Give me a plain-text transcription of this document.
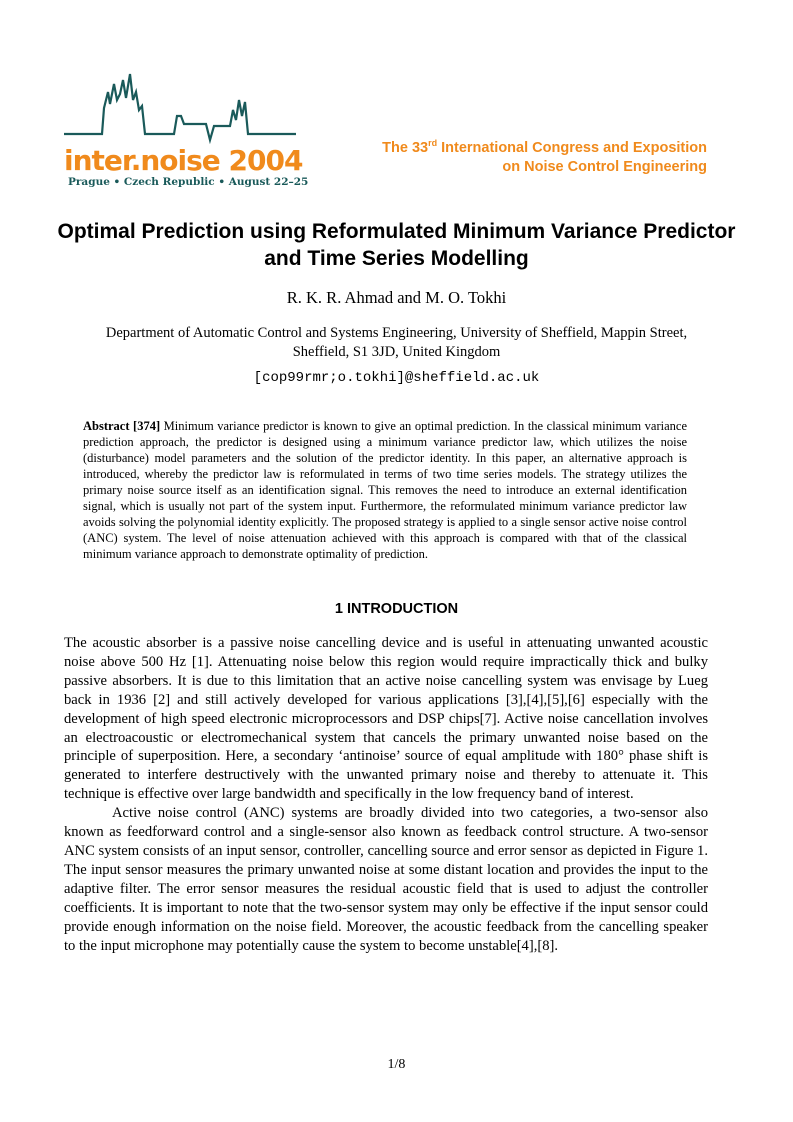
inter.noise 2004
Prague • Czech Republic • August 22–25
The 33rd International Congress and Exposition
on Noise Control Engineering
Optimal Prediction using Reformulated Minimum Variance Predictor and Time Series Modelling
R. K. R. Ahmad and M. O. Tokhi
Department of Automatic Control and Systems Engineering, University of Sheffield, Mappin Street, Sheffield, S1 3JD, United Kingdom
[cop99rmr;o.tokhi]@sheffield.ac.uk

Abstract [374] Minimum variance predictor is known to give an optimal prediction. In the classical minimum variance prediction approach, the predictor is designed using a minimum variance predictor law, which utilizes the noise (disturbance) model parameters and the solution of the predictor identity. In this paper, an alternative approach is introduced, whereby the predictor law is reformulated in terms of two time series models. The strategy utilizes the primary noise source itself as an identification signal. This removes the need to introduce an external identification signal, which is usually not part of the system input. Furthermore, the reformulated minimum variance predictor law avoids solving the polynomial identity explicitly. The proposed strategy is applied to a single sensor active noise control (ANC) system. The level of noise attenuation achieved with this approach is compared with that of the classical minimum variance approach to demonstrate optimality of prediction.

1 INTRODUCTION

The acoustic absorber is a passive noise cancelling device and is useful in attenuating unwanted acoustic noise above 500 Hz [1]. Attenuating noise below this region would require impractically thick and bulky passive absorbers. It is due to this limitation that an active noise cancelling system was envisage by Lueg back in 1936 [2] and still actively developed for various applications [3],[4],[5],[6] especially with the development of high speed electronic microprocessors and DSP chips[7]. Active noise cancellation involves an electroacoustic or electromechanical system that cancels the primary unwanted noise based on the principle of superposition. Here, a secondary ‘antinoise’ source of equal amplitude with 180° phase shift is generated to interfere destructively with the unwanted primary noise and thereby to attenuate it. This technique is effective over large bandwidth and specifically in the low frequency band of interest.

Active noise control (ANC) systems are broadly divided into two categories, a two-sensor also known as feedforward control and a single-sensor also known as feedback control structure. A two-sensor ANC system consists of an input sensor, controller, cancelling source and error sensor as depicted in Figure 1. The input sensor measures the primary unwanted noise at some distant location and provides the input to the adaptive filter. The error sensor measures the residual acoustic field that is used to adjust the controller coefficients. It is important to note that the two-sensor system may only be effective if the input sensor could provide enough information on the noise field. Moreover, the acoustic feedback from the cancelling speaker to the input microphone may potentially cause the system to become unstable[4],[8].

1/8
